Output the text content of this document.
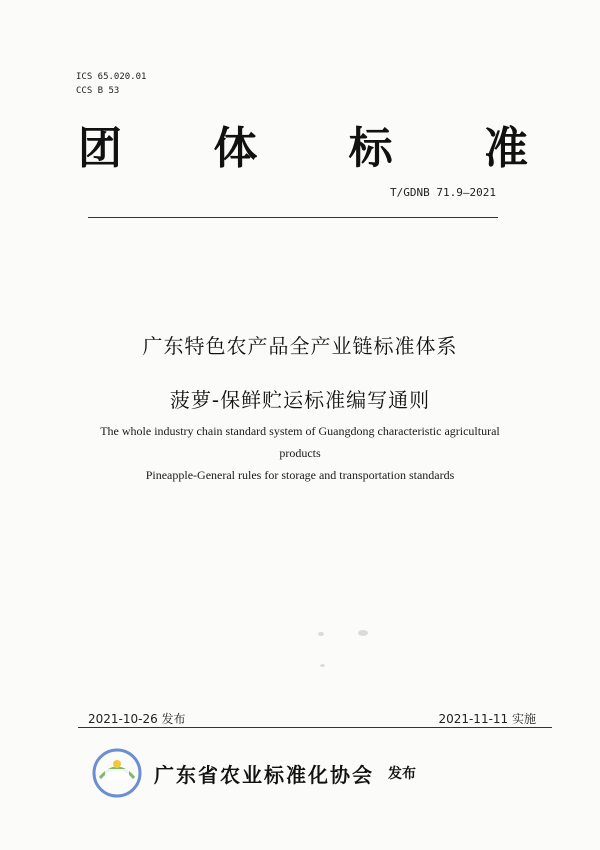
ICS 65.020.01
CCS B 53
团 体 标 准
T/GDNB 71.9—2021
广东特色农产品全产业链标准体系
菠萝-保鲜贮运标准编写通则
The whole industry chain standard system of Guangdong characteristic agricultural
products
Pineapple-General rules for storage and transportation standards
2021-10-26 发布	2021-11-11 实施
广东省农业标准化协会 发布
